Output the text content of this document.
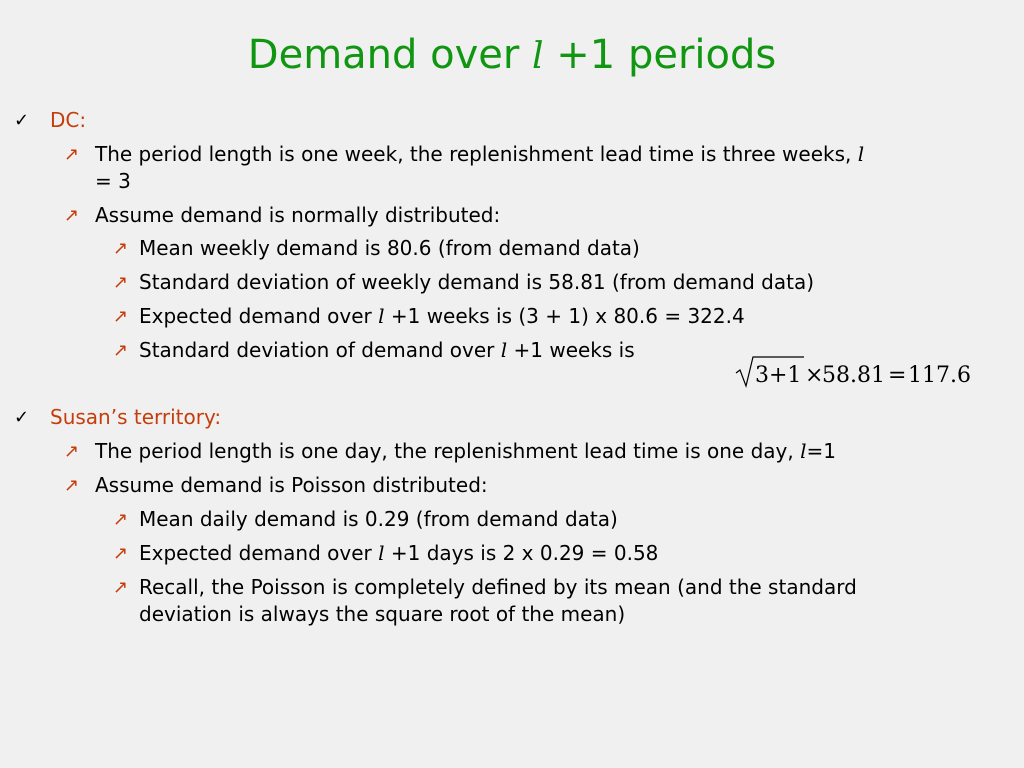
Demand over l +1 periods
✓ DC:
↗ The period length is one week, the replenishment lead time is three weeks, l
= 3
↗ Assume demand is normally distributed:
↗ Mean weekly demand is 80.6 (from demand data)
↗ Standard deviation of weekly demand is 58.81 (from demand data)
↗ Expected demand over l +1 weeks is (3 + 1) x 80.6 = 322.4
↗ Standard deviation of demand over l +1 weeks is
3+1 ×
58.81 = 117.6
✓ Susan’s territory:
↗ The period length is one day, the replenishment lead time is one day, l=1
↗ Assume demand is Poisson distributed:
↗ Mean daily demand is 0.29 (from demand data)
↗ Expected demand over l +1 days is 2 x 0.29 = 0.58
↗ Recall, the Poisson is completely defined by its mean (and the standard
deviation is always the square root of the mean)
